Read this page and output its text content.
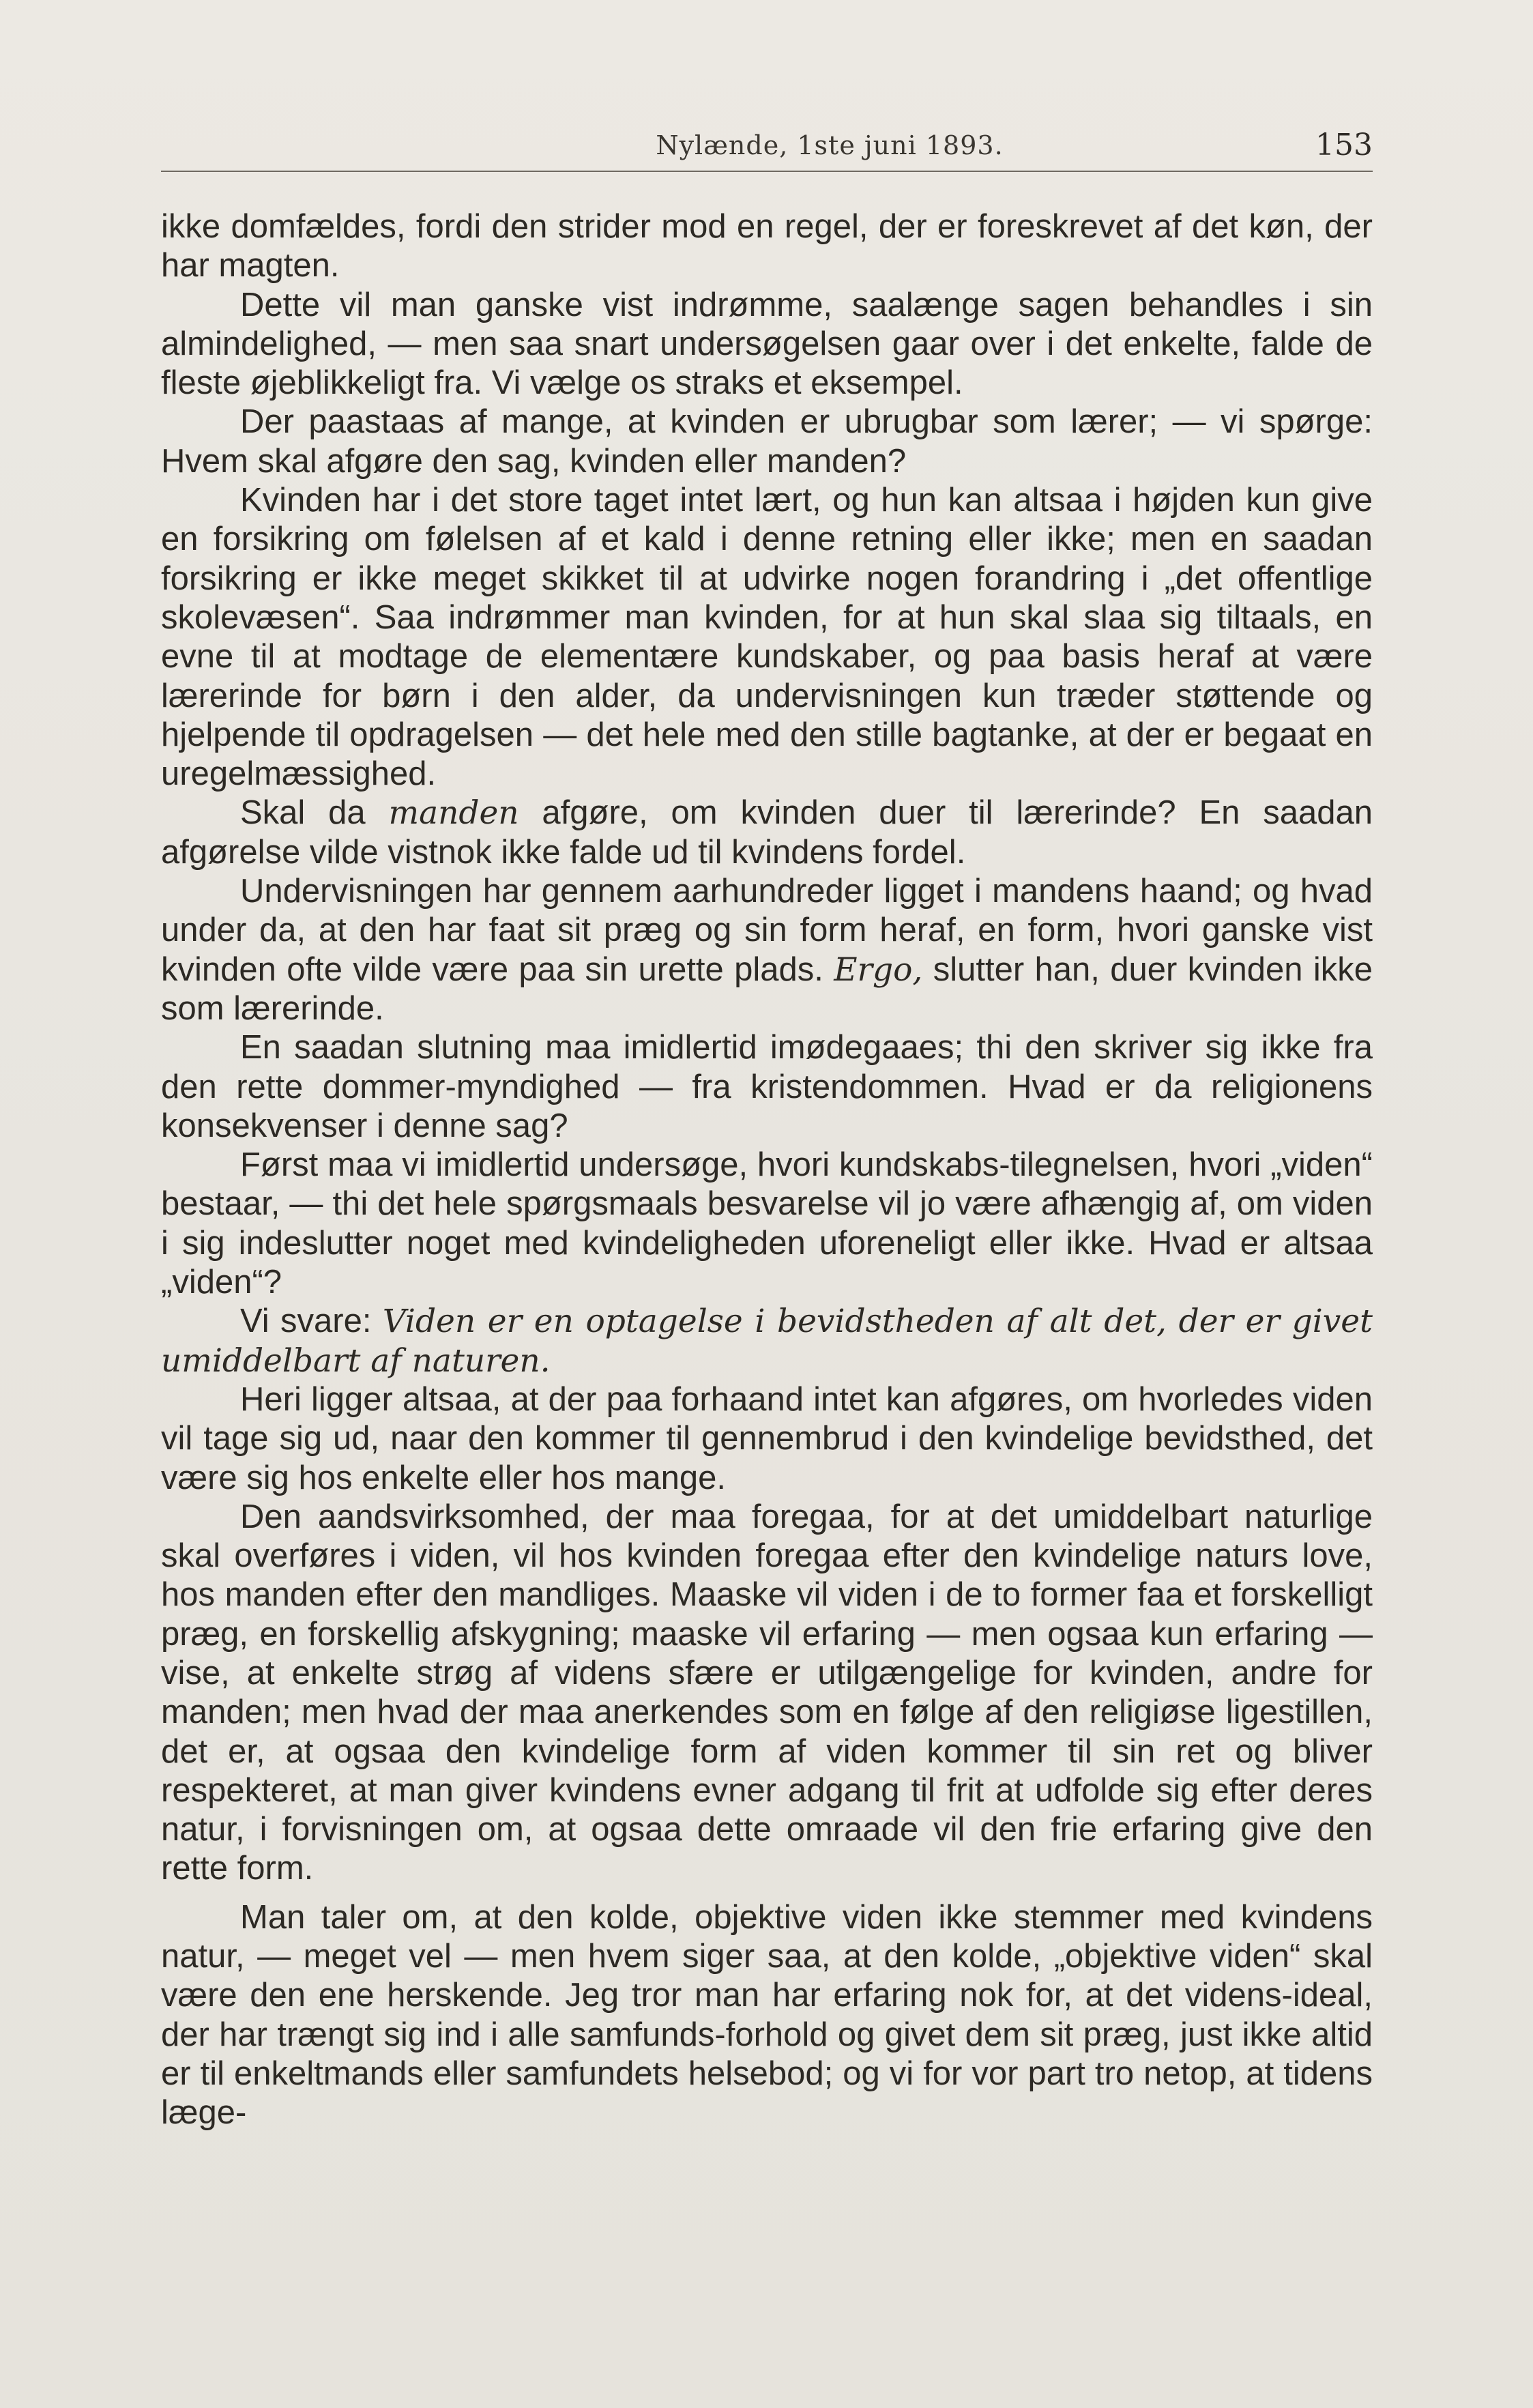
Nylænde, 1ste juni 1893.	153

ikke domfældes, fordi den strider mod en regel, der er foreskrevet af det køn, der har magten.

Dette vil man ganske vist indrømme, saalænge sagen behandles i sin almindelighed, — men saa snart undersøgelsen gaar over i det enkelte, falde de fleste øjeblikkeligt fra. Vi vælge os straks et eksempel.

Der paastaas af mange, at kvinden er ubrugbar som lærer; — vi spørge: Hvem skal afgøre den sag, kvinden eller manden?

Kvinden har i det store taget intet lært, og hun kan altsaa i højden kun give en forsikring om følelsen af et kald i denne retning eller ikke; men en saadan forsikring er ikke meget skikket til at udvirke nogen forandring i „det offentlige skolevæsen“. Saa indrømmer man kvinden, for at hun skal slaa sig tiltaals, en evne til at modtage de elementære kundskaber, og paa basis heraf at være lærerinde for børn i den alder, da undervisningen kun træder støttende og hjelpende til opdragelsen — det hele med den stille bagtanke, at der er begaat en uregelmæssighed.

Skal da manden afgøre, om kvinden duer til lærerinde? En saadan afgørelse vilde vistnok ikke falde ud til kvindens fordel.

Undervisningen har gennem aarhundreder ligget i mandens haand; og hvad under da, at den har faat sit præg og sin form heraf, en form, hvori ganske vist kvinden ofte vilde være paa sin urette plads. Ergo, slutter han, duer kvinden ikke som lærerinde.

En saadan slutning maa imidlertid imødegaaes; thi den skriver sig ikke fra den rette dommer-myndighed — fra kristendommen. Hvad er da religionens konsekvenser i denne sag?

Først maa vi imidlertid undersøge, hvori kundskabs-tilegnelsen, hvori „viden“ bestaar, — thi det hele spørgsmaals besvarelse vil jo være afhængig af, om viden i sig indeslutter noget med kvindeligheden uforeneligt eller ikke. Hvad er altsaa „viden“?

Vi svare: Viden er en optagelse i bevidstheden af alt det, der er givet umiddelbart af naturen.

Heri ligger altsaa, at der paa forhaand intet kan afgøres, om hvorledes viden vil tage sig ud, naar den kommer til gennembrud i den kvindelige bevidsthed, det være sig hos enkelte eller hos mange.

Den aandsvirksomhed, der maa foregaa, for at det umiddelbart naturlige skal overføres i viden, vil hos kvinden foregaa efter den kvindelige naturs love, hos manden efter den mandliges. Maaske vil viden i de to former faa et forskelligt præg, en forskellig afskygning; maaske vil erfaring — men ogsaa kun erfaring — vise, at enkelte strøg af videns sfære er utilgængelige for kvinden, andre for manden; men hvad der maa anerkendes som en følge af den religiøse ligestillen, det er, at ogsaa den kvindelige form af viden kommer til sin ret og bliver respekteret, at man giver kvindens evner adgang til frit at udfolde sig efter deres natur, i forvisningen om, at ogsaa dette omraade vil den frie erfaring give den rette form.

Man taler om, at den kolde, objektive viden ikke stemmer med kvindens natur, — meget vel — men hvem siger saa, at den kolde, „objektive viden“ skal være den ene herskende. Jeg tror man har erfaring nok for, at det videns-ideal, der har trængt sig ind i alle samfunds-forhold og givet dem sit præg, just ikke altid er til enkeltmands eller samfundets helsebod; og vi for vor part tro netop, at tidens læge-
